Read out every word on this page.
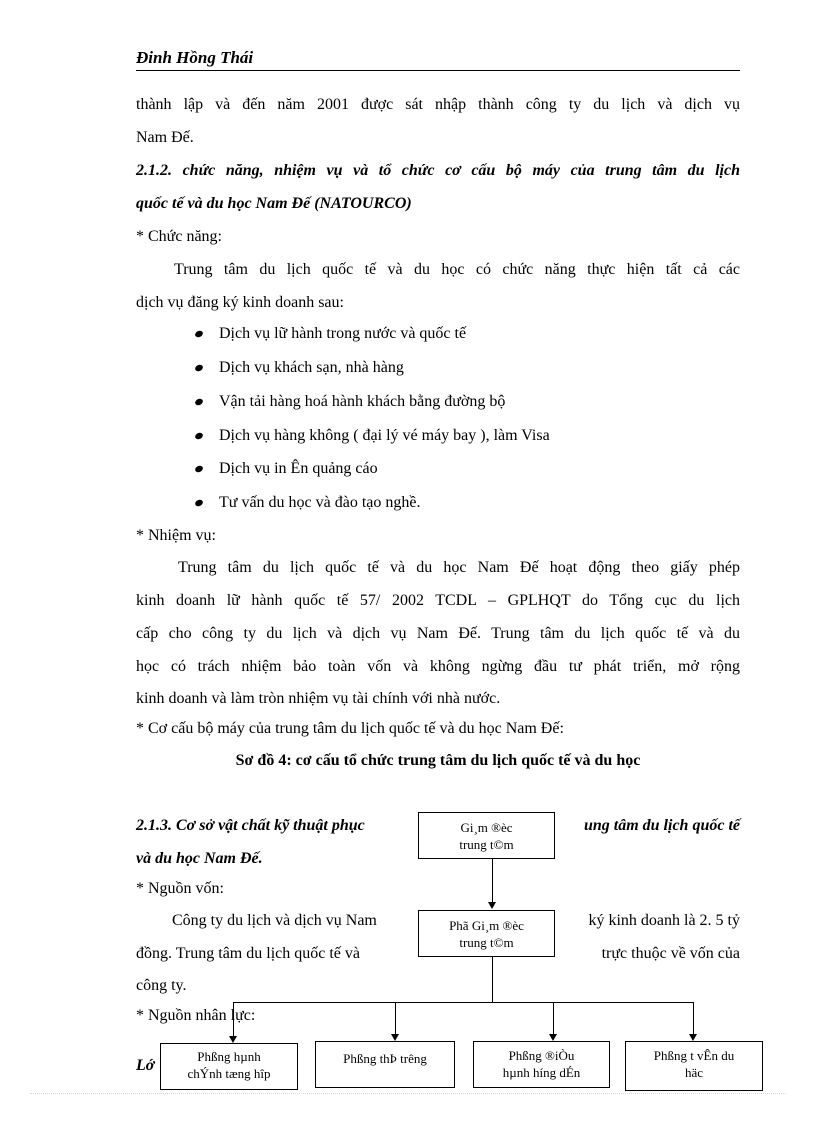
Đinh Hồng Thái
thành lập và đến năm 2001 được sát nhập thành công ty du lịch và dịch vụ
Nam Đế.
2.1.2. chức năng, nhiệm vụ và tổ chức cơ cấu bộ máy của trung tâm du lịch
quốc tế và du học Nam Đế (NATOURCO)
* Chức năng:
Trung tâm du lịch quốc tế và du học có chức năng thực hiện tất cả các
dịch vụ đăng ký kinh doanh sau:
Dịch vụ lữ hành trong nước và quốc tế
Dịch vụ khách sạn, nhà hàng
Vận tải hàng hoá hành khách bằng đường bộ
Dịch vụ hàng không ( đại lý vé máy bay ), làm Visa
Dịch vụ in Ên quảng cáo
Tư vấn du học và đào tạo nghề.
* Nhiệm vụ:
Trung tâm du lịch quốc tế và du học Nam Đế hoạt động theo giấy phép
kinh doanh lữ hành quốc tế 57/ 2002 TCDL – GPLHQT do Tổng cục du lịch
cấp cho công ty du lịch và dịch vụ Nam Đế. Trung tâm du lịch quốc tế và du
học có trách nhiệm bảo toàn vốn và không ngừng đầu tư phát triển, mở rộng
kinh doanh và làm tròn nhiệm vụ tài chính với nhà nước.
* Cơ cấu bộ máy của trung tâm du lịch quốc tế và du học Nam Đế:
Sơ đồ 4: cơ cấu tổ chức trung tâm du lịch quốc tế và du học
2.1.3. Cơ sở vật chất kỹ thuật phục	ung tâm du lịch quốc tế
và du học Nam Đế.
* Nguồn vốn:
Công ty du lịch và dịch vụ Nam	ký kinh doanh là 2. 5 tỷ
đồng. Trung tâm du lịch quốc tế và	trực thuộc về vốn của
công ty.
* Nguồn nhân lực:
Lớ
Gi¸m ®èc
trung t©m
Phã Gi¸m ®èc
trung t©m
Phßng hµnh
chÝnh tæng hîp
Phßng thÞ trêng	Phßng ®iÒu
hµnh híng dÉn
Phßng t vÊn du
häc
